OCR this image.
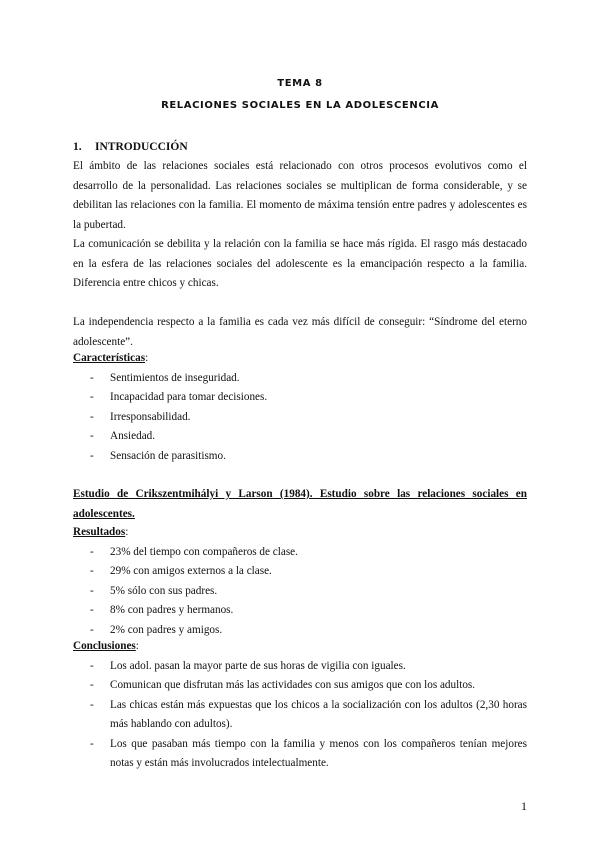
TEMA 8
RELACIONES SOCIALES EN LA ADOLESCENCIA
1. INTRODUCCIÓN
El ámbito de las relaciones sociales está relacionado con otros procesos evolutivos como el desarrollo de la personalidad. Las relaciones sociales se multiplican de forma considerable, y se debilitan las relaciones con la familia. El momento de máxima tensión entre padres y adolescentes es la pubertad.
La comunicación se debilita y la relación con la familia se hace más rígida. El rasgo más destacado en la esfera de las relaciones sociales del adolescente es la emancipación respecto a la familia. Diferencia entre chicos y chicas.
La independencia respecto a la familia es cada vez más difícil de conseguir: “Síndrome del eterno adolescente”.
Características:
- Sentimientos de inseguridad.
- Incapacidad para tomar decisiones.
- Irresponsabilidad.
- Ansiedad.
- Sensación de parasitismo.
Estudio de Crikszentmihályi y Larson (1984). Estudio sobre las relaciones sociales en adolescentes.
Resultados:
- 23% del tiempo con compañeros de clase.
- 29% con amigos externos a la clase.
- 5% sólo con sus padres.
- 8% con padres y hermanos.
- 2% con padres y amigos.
Conclusiones:
- Los adol. pasan la mayor parte de sus horas de vigilia con iguales.
- Comunican que disfrutan más las actividades con sus amigos que con los adultos.
- Las chicas están más expuestas que los chicos a la socialización con los adultos (2,30 horas más hablando con adultos).
- Los que pasaban más tiempo con la familia y menos con los compañeros tenían mejores notas y están más involucrados intelectualmente.
1
